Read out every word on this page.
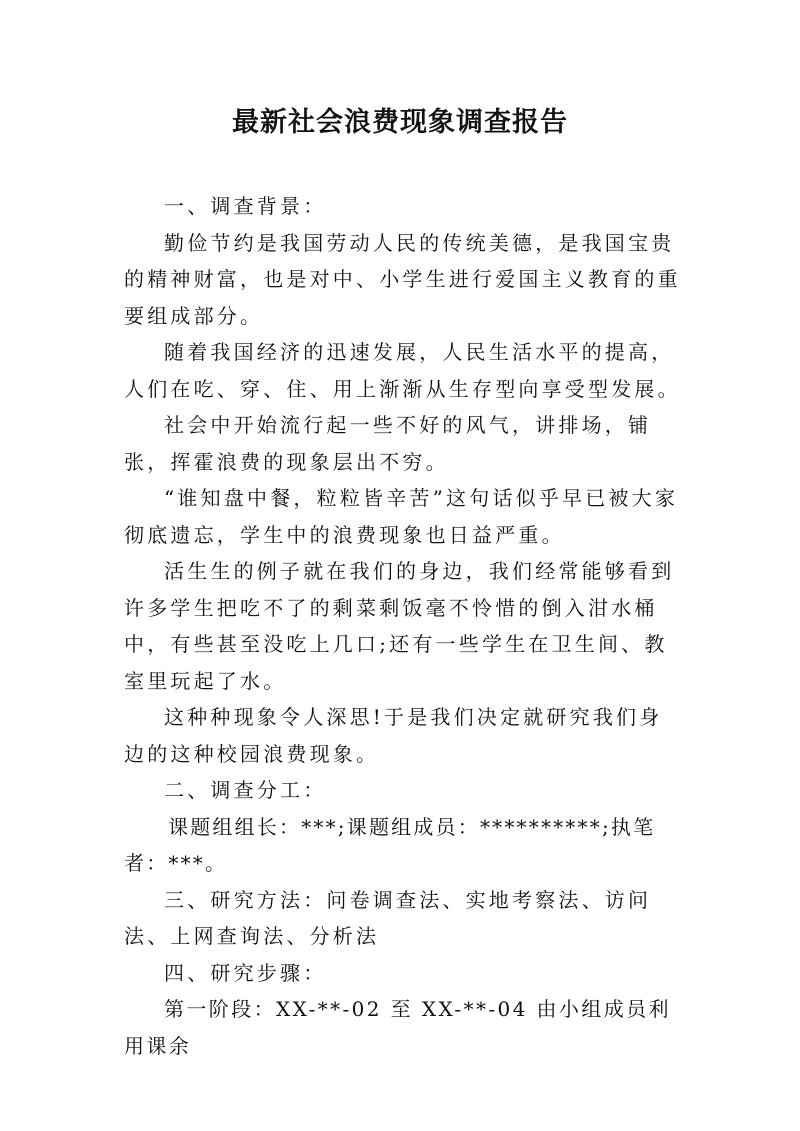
最新社会浪费现象调查报告

一、调查背景：

勤俭节约是我国劳动人民的传统美德，是我国宝贵的精神财富，也是对中、小学生进行爱国主义教育的重要组成部分。

随着我国经济的迅速发展，人民生活水平的提高，人们在吃、穿、住、用上渐渐从生存型向享受型发展。

社会中开始流行起一些不好的风气，讲排场，铺张，挥霍浪费的现象层出不穷。

“谁知盘中餐，粒粒皆辛苦”这句话似乎早已被大家彻底遗忘，学生中的浪费现象也日益严重。

活生生的例子就在我们的身边，我们经常能够看到许多学生把吃不了的剩菜剩饭毫不怜惜的倒入泔水桶中，有些甚至没吃上几口;还有一些学生在卫生间、教室里玩起了水。

这种种现象令人深思!于是我们决定就研究我们身边的这种校园浪费现象。

二、调查分工：

课题组组长：***;课题组成员：**********;执笔者：***。

三、研究方法：问卷调查法、实地考察法、访问法、上网查询法、分析法

四、研究步骤：

第一阶段：XX-**-02 至 XX-**-04 由小组成员利用课余
